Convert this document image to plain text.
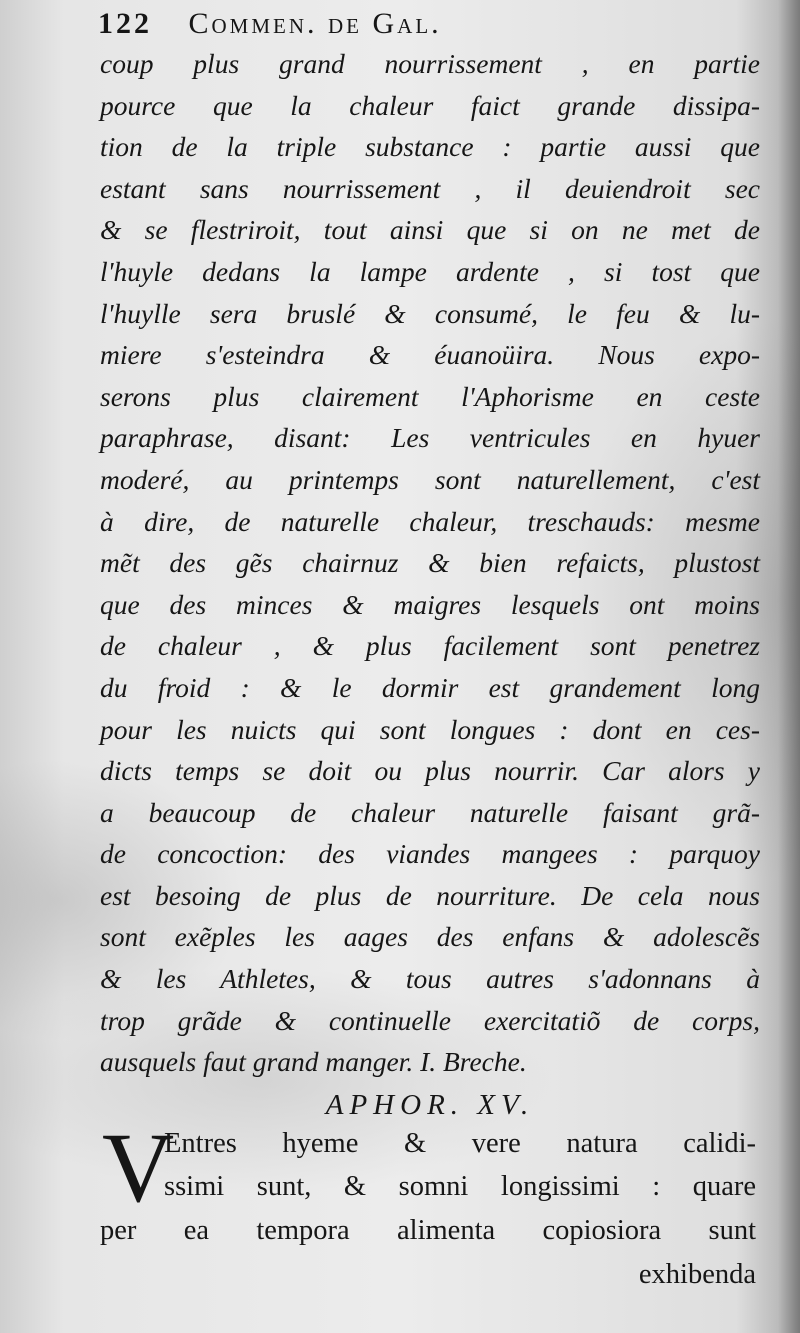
122 Commen. de Gal.
coup plus grand nourrissement , en partie
pource que la chaleur faict grande dissipa-
tion de la triple substance : partie aussi que
estant sans nourrissement , il deuiendroit sec
& se flestriroit, tout ainsi que si on ne met de
l'huyle dedans la lampe ardente , si tost que
l'huylle sera bruslé & consumé, le feu & lu-
miere s'esteindra & éuanoüira. Nous expo-
serons plus clairement l'Aphorisme en ceste
paraphrase, disant: Les ventricules en hyuer
moderé, au printemps sont naturellement, c'est
à dire, de naturelle chaleur, treschauds: mesme
mẽt des gẽs chairnuz & bien refaicts, plustost
que des minces & maigres lesquels ont moins
de chaleur , & plus facilement sont penetrez
du froid : & le dormir est grandement long
pour les nuicts qui sont longues : dont en ces-
dicts temps se doit ou plus nourrir. Car alors y
a beaucoup de chaleur naturelle faisant grã-
de concoction: des viandes mangees : parquoy
est besoing de plus de nourriture. De cela nous
sont exẽples les aages des enfans & adolescẽs
& les Athletes, & tous autres s'adonnans à
trop grãde & continuelle exercitatiõ de corps,
ausquels faut grand manger. I. Breche.
APHOR. XV.
V
Entres hyeme & vere natura calidi-
ssimi sunt, & somni longissimi : quare
per ea tempora alimenta copiosiora sunt
exhibenda
